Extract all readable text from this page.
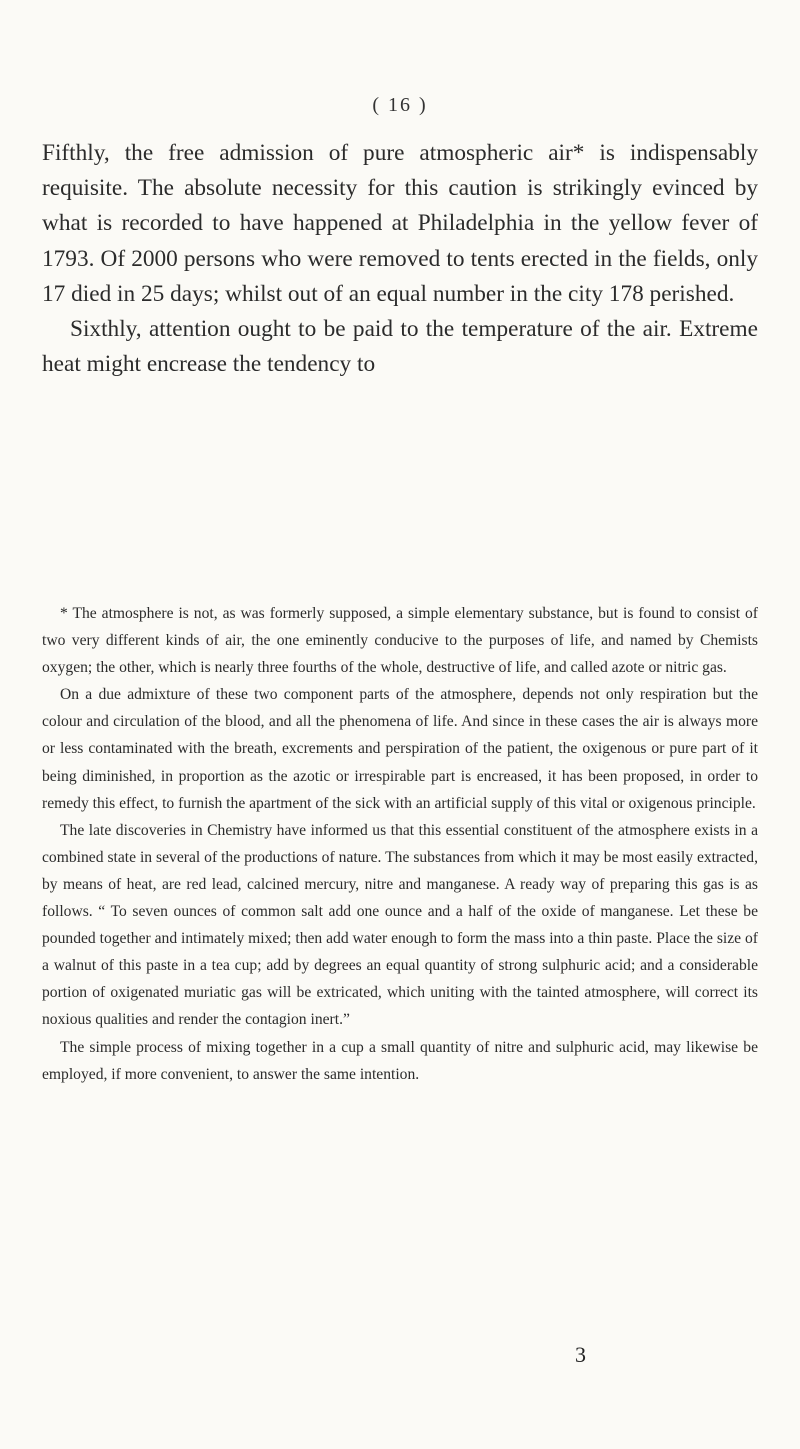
( 16 )

Fifthly, the free admission of pure atmospheric air* is indispensably requisite. The absolute necessity for this caution is strikingly evinced by what is recorded to have happened at Philadelphia in the yellow fever of 1793. Of 2000 persons who were removed to tents erected in the fields, only 17 died in 25 days; whilst out of an equal number in the city 178 perished.

Sixthly, attention ought to be paid to the temperature of the air. Extreme heat might encrease the tendency to

* The atmosphere is not, as was formerly supposed, a simple elementary substance, but is found to consist of two very different kinds of air, the one eminently conducive to the purposes of life, and named by Chemists oxygen; the other, which is nearly three fourths of the whole, destructive of life, and called azote or nitric gas.

On a due admixture of these two component parts of the atmosphere, depends not only respiration but the colour and circulation of the blood, and all the phenomena of life. And since in these cases the air is always more or less contaminated with the breath, excrements and perspiration of the patient, the oxigenous or pure part of it being diminished, in proportion as the azotic or irrespirable part is encreased, it has been proposed, in order to remedy this effect, to furnish the apartment of the sick with an artificial supply of this vital or oxigenous principle.

The late discoveries in Chemistry have informed us that this essential constituent of the atmosphere exists in a combined state in several of the productions of nature. The substances from which it may be most easily extracted, by means of heat, are red lead, calcined mercury, nitre and manganese. A ready way of preparing this gas is as follows. “ To seven ounces of common salt add one ounce and a half of the oxide of manganese. Let these be pounded together and intimately mixed; then add water enough to form the mass into a thin paste. Place the size of a walnut of this paste in a tea cup; add by degrees an equal quantity of strong sulphuric acid; and a considerable portion of oxigenated muriatic gas will be extricated, which uniting with the tainted atmosphere, will correct its noxious qualities and render the contagion inert.”

The simple process of mixing together in a cup a small quantity of nitre and sulphuric acid, may likewise be employed, if more convenient, to answer the same intention.

3
